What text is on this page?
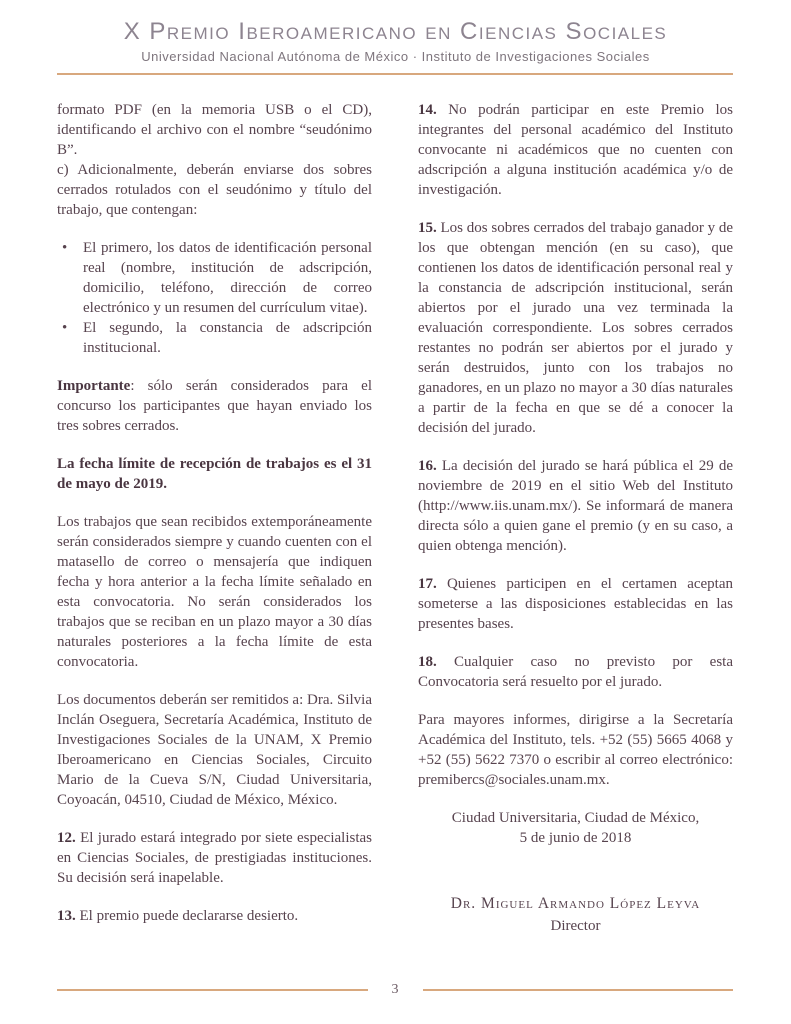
X Premio Iberoamericano en Ciencias Sociales
Universidad Nacional Autónoma de México · Instituto de Investigaciones Sociales

formato PDF (en la memoria USB o el CD), identificando el archivo con el nombre “seudónimo B”.

c) Adicionalmente, deberán enviarse dos sobres cerrados rotulados con el seudónimo y título del trabajo, que contengan:

•	El primero, los datos de identificación personal real (nombre, institución de adscripción, domicilio, teléfono, dirección de correo electrónico y un resumen del currículum vitae).
•	El segundo, la constancia de adscripción institucional.

Importante: sólo serán considerados para el concurso los participantes que hayan enviado los tres sobres cerrados.

La fecha límite de recepción de trabajos es el 31 de mayo de 2019.

Los trabajos que sean recibidos extemporáneamente serán considerados siempre y cuando cuenten con el matasello de correo o mensajería que indiquen fecha y hora anterior a la fecha límite señalado en esta convocatoria. No serán considerados los trabajos que se reciban en un plazo mayor a 30 días naturales posteriores a la fecha límite de esta convocatoria.

Los documentos deberán ser remitidos a: Dra. Silvia Inclán Oseguera, Secretaría Académica, Instituto de Investigaciones Sociales de la UNAM, X Premio Iberoamericano en Ciencias Sociales, Circuito Mario de la Cueva S/N, Ciudad Universitaria, Coyoacán, 04510, Ciudad de México, México.

12. El jurado estará integrado por siete especialistas en Ciencias Sociales, de prestigiadas instituciones. Su decisión será inapelable.

13. El premio puede declararse desierto.

14. No podrán participar en este Premio los integrantes del personal académico del Instituto convocante ni académicos que no cuenten con adscripción a alguna institución académica y/o de investigación.

15. Los dos sobres cerrados del trabajo ganador y de los que obtengan mención (en su caso), que contienen los datos de identificación personal real y la constancia de adscripción institucional, serán abiertos por el jurado una vez terminada la evaluación correspondiente. Los sobres cerrados restantes no podrán ser abiertos por el jurado y serán destruidos, junto con los trabajos no ganadores, en un plazo no mayor a 30 días naturales a partir de la fecha en que se dé a conocer la decisión del jurado.

16. La decisión del jurado se hará pública el 29 de noviembre de 2019 en el sitio Web del Instituto (http://www.iis.unam.mx/). Se informará de manera directa sólo a quien gane el premio (y en su caso, a quien obtenga mención).

17. Quienes participen en el certamen aceptan someterse a las disposiciones establecidas en las presentes bases.

18. Cualquier caso no previsto por esta Convocatoria será resuelto por el jurado.

Para mayores informes, dirigirse a la Secretaría Académica del Instituto, tels. +52 (55) 5665 4068 y +52 (55) 5622 7370 o escribir al correo electrónico: premibercs@sociales.unam.mx.

Ciudad Universitaria, Ciudad de México,
5 de junio de 2018
Dr. Miguel Armando López Leyva
Director
3
